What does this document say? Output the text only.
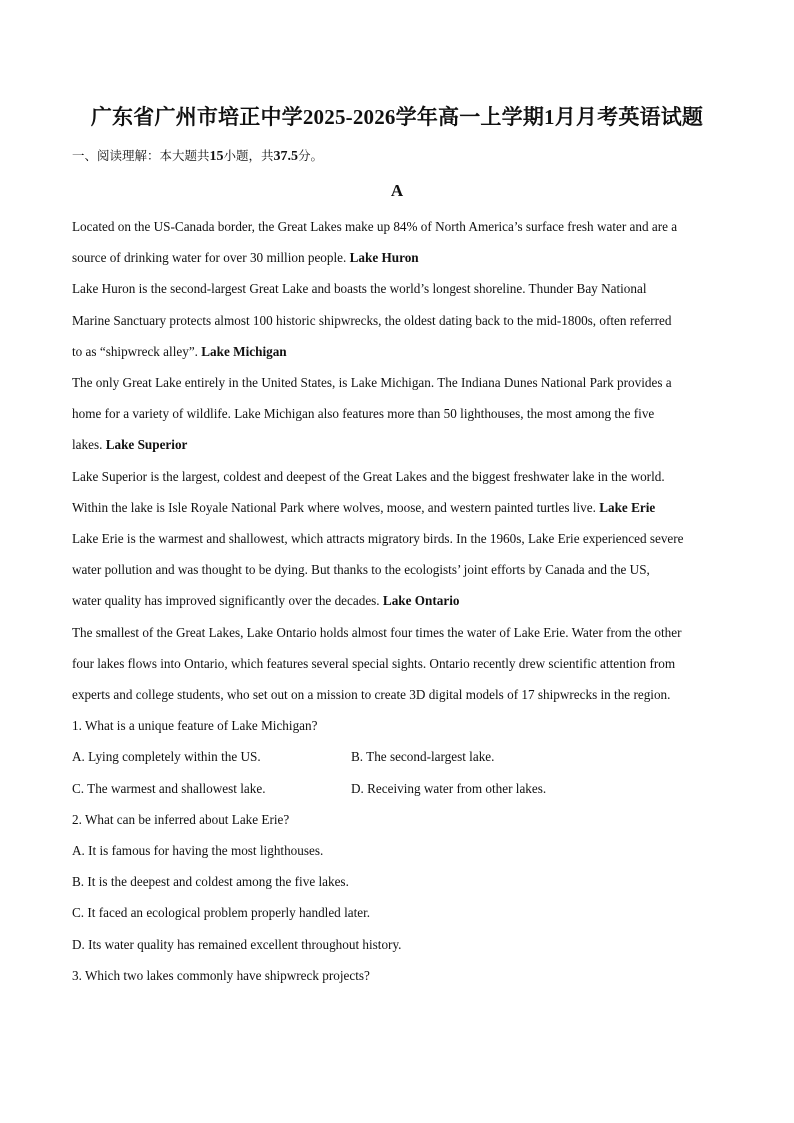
广东省广州市培正中学2025-2026学年高一上学期1月月考英语试题
一、阅读理解：本大题共15小题，共37.5分。
A
Located on the US-Canada border, the Great Lakes make up 84% of North America’s surface fresh water and are a
source of drinking water for over 30 million people. Lake Huron
Lake Huron is the second-largest Great Lake and boasts the world’s longest shoreline. Thunder Bay National
Marine Sanctuary protects almost 100 historic shipwrecks, the oldest dating back to the mid-1800s, often referred
to as “shipwreck alley”. Lake Michigan
The only Great Lake entirely in the United States, is Lake Michigan. The Indiana Dunes National Park provides a
home for a variety of wildlife. Lake Michigan also features more than 50 lighthouses, the most among the five
lakes. Lake Superior
Lake Superior is the largest, coldest and deepest of the Great Lakes and the biggest freshwater lake in the world.
Within the lake is Isle Royale National Park where wolves, moose, and western painted turtles live. Lake Erie
Lake Erie is the warmest and shallowest, which attracts migratory birds. In the 1960s, Lake Erie experienced severe
water pollution and was thought to be dying. But thanks to the ecologists’ joint efforts by Canada and the US,
water quality has improved significantly over the decades. Lake Ontario
The smallest of the Great Lakes, Lake Ontario holds almost four times the water of Lake Erie. Water from the other
four lakes flows into Ontario, which features several special sights. Ontario recently drew scientific attention from
experts and college students, who set out on a mission to create 3D digital models of 17 shipwrecks in the region.
1. What is a unique feature of Lake Michigan?
A. Lying completely within the US.	B. The second-largest lake.
C. The warmest and shallowest lake.	D. Receiving water from other lakes.
2. What can be inferred about Lake Erie?
A. It is famous for having the most lighthouses.
B. It is the deepest and coldest among the five lakes.
C. It faced an ecological problem properly handled later.
D. Its water quality has remained excellent throughout history.
3. Which two lakes commonly have shipwreck projects?
